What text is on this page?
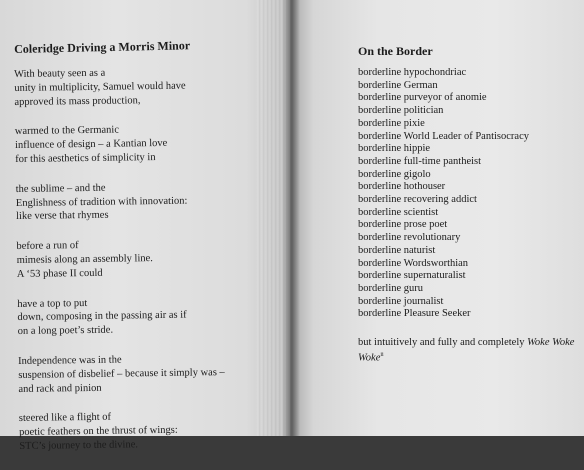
Coleridge Driving a Morris Minor

With beauty seen as a
unity in multiplicity, Samuel would have
approved its mass production,

warmed to the Germanic
influence of design – a Kantian love
for this aesthetics of simplicity in

the sublime – and the
Englishness of tradition with innovation:
like verse that rhymes

before a run of
mimesis along an assembly line.
A ‘53 phase II could

have a top to put
down, composing in the passing air as if
on a long poet’s stride.

Independence was in the
suspension of disbelief – because it simply was –
and rack and pinion

steered like a flight of
poetic feathers on the thrust of wings:
STC’s journey to the divine.

On the Border
borderline hypochondriac
borderline German
borderline purveyor of anomie
borderline politician
borderline pixie
borderline World Leader of Pantisocracy
borderline hippie
borderline full-time pantheist
borderline gigolo
borderline hothouser
borderline recovering addict
borderline scientist
borderline prose poet
borderline revolutionary
borderline naturist
borderline Wordsworthian
borderline supernaturalist
borderline guru
borderline journalist
borderline Pleasure Seeker
but intuitively and fully and completely Woke Woke
Woke$^{ii}$
